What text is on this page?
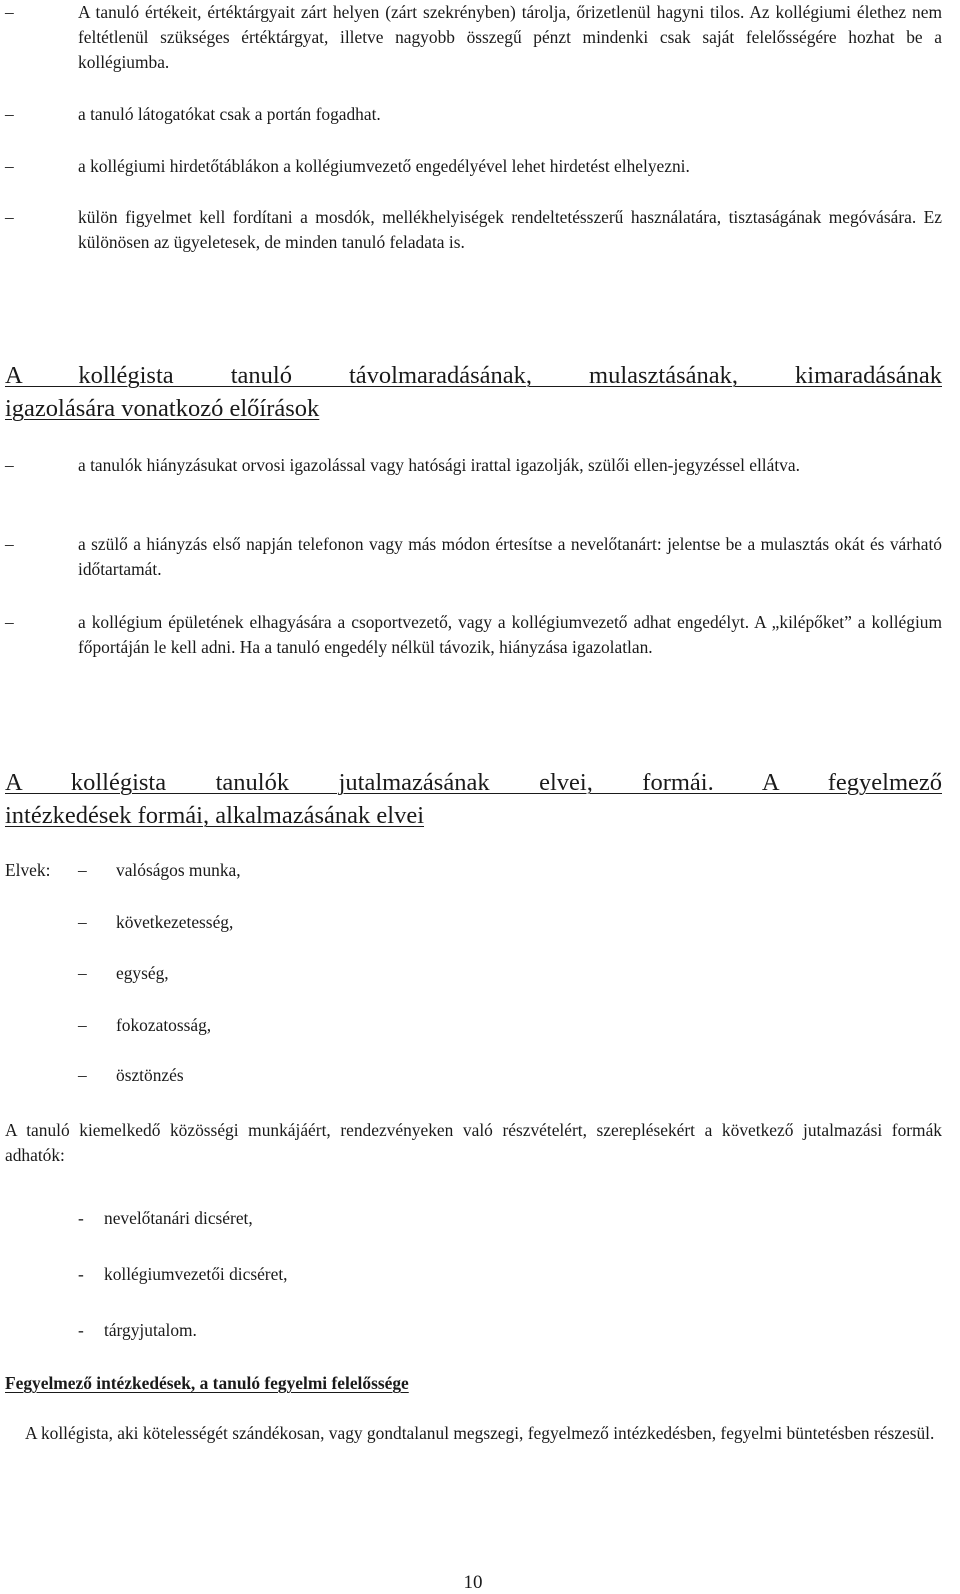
–	A tanuló értékeit, értéktárgyait zárt helyen (zárt szekrényben) tárolja, őrizetlenül hagyni tilos. Az kollégiumi élethez nem feltétlenül szükséges értéktárgyat, illetve nagyobb összegű pénzt mindenki csak saját felelősségére hozhat be a kollégiumba.
–	a tanuló látogatókat csak a portán fogadhat.
–	a kollégiumi hirdetőtáblákon a kollégiumvezető engedélyével lehet hirdetést elhelyezni.
–	külön figyelmet kell fordítani a mosdók, mellékhelyiségek rendeltetésszerű használatára, tisztaságának megóvására. Ez különösen az ügyeletesek, de minden tanuló feladata is.
A kollégista tanuló távolmaradásának, mulasztásának, kimaradásának
igazolására vonatkozó előírások
–	a tanulók hiányzásukat orvosi igazolással vagy hatósági irattal igazolják, szülői ellen-jegyzéssel ellátva.
–	a szülő a hiányzás első napján telefonon vagy más módon értesítse a nevelőtanárt: jelentse be a mulasztás okát és várható időtartamát.
–	a kollégium épületének elhagyására a csoportvezető, vagy a kollégiumvezető adhat engedélyt. A „kilépőket” a kollégium főportáján le kell adni. Ha a tanuló engedély nélkül távozik, hiányzása igazolatlan.
A kollégista tanulók jutalmazásának elvei, formái. A fegyelmező
intézkedések formái, alkalmazásának elvei
Elvek:	–	valóságos munka,
–	következetesség,
–	egység,
–	fokozatosság,
–	ösztönzés
A tanuló kiemelkedő közösségi munkájáért, rendezvényeken való részvételért, szereplésekért a következő jutalmazási formák adhatók:
-	nevelőtanári dicséret,
-	kollégiumvezetői dicséret,
-	tárgyjutalom.
Fegyelmező intézkedések, a tanuló fegyelmi felelőssége
A kollégista, aki kötelességét szándékosan, vagy gondtalanul megszegi, fegyelmező intézkedésben, fegyelmi büntetésben részesül.
10
